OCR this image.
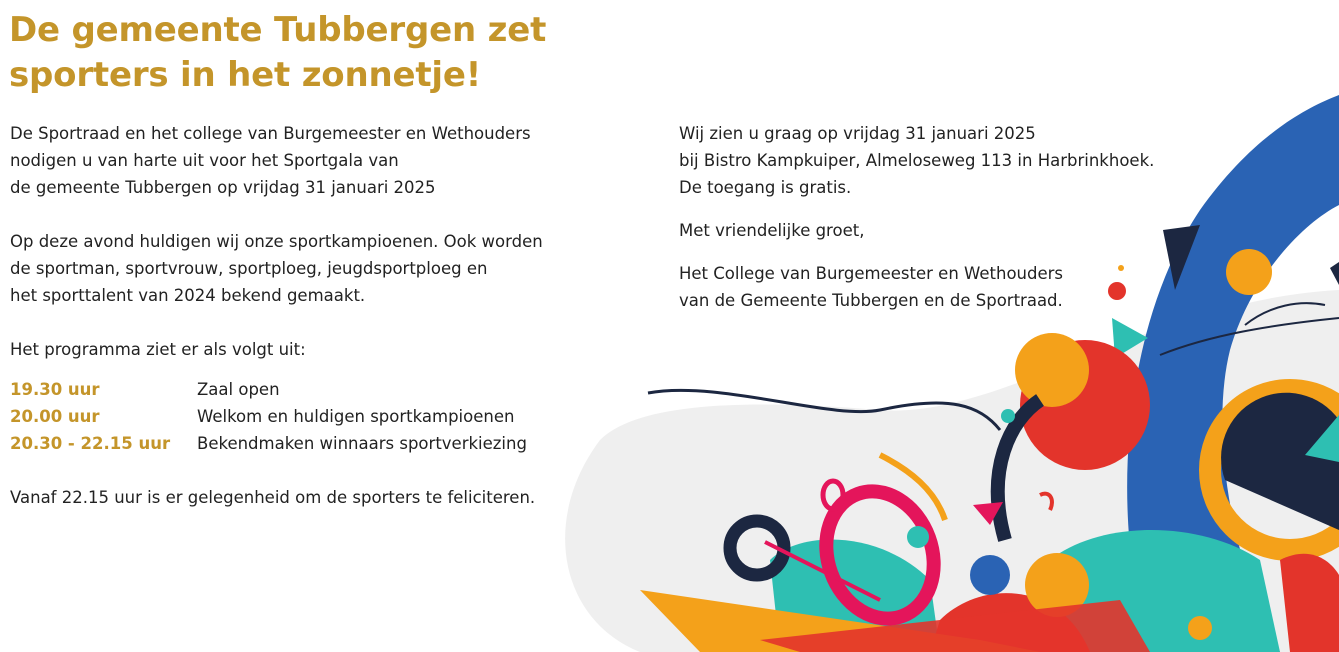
De gemeente Tubbergen zet
sporters in het zonnetje!

De Sportraad en het college van Burgemeester en Wethouders

nodigen u van harte uit voor het Sportgala van

de gemeente Tubbergen op vrijdag 31 januari 2025

Op deze avond huldigen wij onze sportkampioenen. Ook worden

de sportman, sportvrouw, sportploeg, jeugdsportploeg en

het sporttalent van 2024 bekend gemaakt.

Het programma ziet er als volgt uit:

19.30 uur	Zaal open
20.00 uur	Welkom en huldigen sportkampioenen
20.30 - 22.15 uur	Bekendmaken winnaars sportverkiezing

Vanaf 22.15 uur is er gelegenheid om de sporters te feliciteren.

Wij zien u graag op vrijdag 31 januari 2025

bij Bistro Kampkuiper, Almeloseweg 113 in Harbrinkhoek.

De toegang is gratis.

Met vriendelijke groet,

Het College van Burgemeester en Wethouders

van de Gemeente Tubbergen en de Sportraad.
